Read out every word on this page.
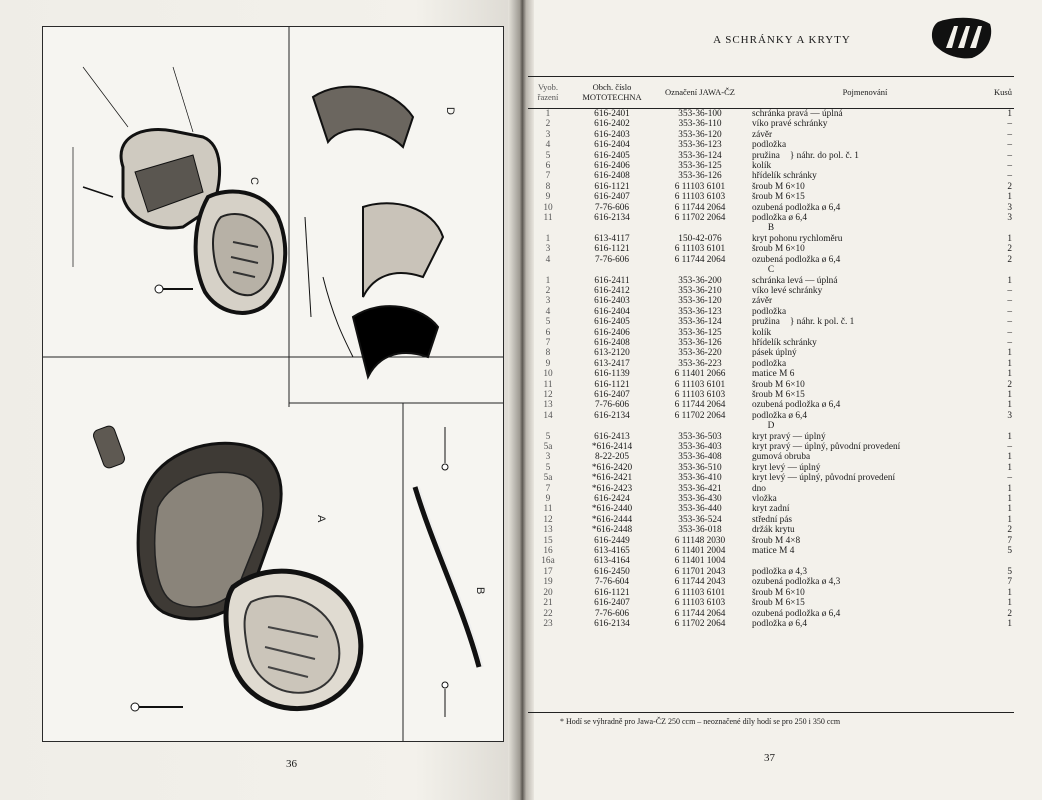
C
D
A
B
36
A SCHRÁNKY A KRYTY
Vyob. řazení	Obch. číslo MOTOTECHNA	Označení JAWA-ČZ	Pojmenování	Kusů
1	616-2401	353-36-100	schránka pravá — úplná	1
2	616-2402	353-36-110	víko pravé schránky	–
3	616-2403	353-36-120	závěr	–
4	616-2404	353-36-123	podložka	–
5	616-2405	353-36-124	pružina } náhr. do pol. č. 1	–
6	616-2406	353-36-125	kolík	–
7	616-2408	353-36-126	hřídelík schránky	–
8	616-1121	6 11103 6101	šroub M 6×10	2
9	616-2407	6 11103 6103	šroub M 6×15	1
10	7-76-606	6 11744 2064	ozubená podložka ø 6,4	3
11	616-2134	6 11702 2064	podložka ø 6,4	3
B				
1	613-4117	150-42-076	kryt pohonu rychloměru	1
3	616-1121	6 11103 6101	šroub M 6×10	2
4	7-76-606	6 11744 2064	ozubená podložka ø 6,4	2
C				
1	616-2411	353-36-200	schránka levá — úplná	1
2	616-2412	353-36-210	víko levé schránky	–
3	616-2403	353-36-120	závěr	–
4	616-2404	353-36-123	podložka	–
5	616-2405	353-36-124	pružina } náhr. k pol. č. 1	–
6	616-2406	353-36-125	kolík	–
7	616-2408	353-36-126	hřídelík schránky	–
8	613-2120	353-36-220	pásek úplný	1
9	613-2417	353-36-223	podložka	1
10	616-1139	6 11401 2066	matice M 6	1
11	616-1121	6 11103 6101	šroub M 6×10	2
12	616-2407	6 11103 6103	šroub M 6×15	1
13	7-76-606	6 11744 2064	ozubená podložka ø 6,4	1
14	616-2134	6 11702 2064	podložka ø 6,4	3
D				
5	616-2413	353-36-503	kryt pravý — úplný	1
5a	*616-2414	353-36-403	kryt pravý — úplný, původní provedení	–
3	8-22-205	353-36-408	gumová obruba	1
5	*616-2420	353-36-510	kryt levý — úplný	1
5a	*616-2421	353-36-410	kryt levý — úplný, původní provedení	–
7	*616-2423	353-36-421	dno	1
9	616-2424	353-36-430	vložka	1
11	*616-2440	353-36-440	kryt zadní	1
12	*616-2444	353-36-524	střední pás	1
13	*616-2448	353-36-018	držák krytu	2
15	616-2449	6 11148 2030	šroub M 4×8	7
16	613-4165	6 11401 2004	matice M 4	5
16a	613-4164	6 11401 1004		
17	616-2450	6 11701 2043	podložka ø 4,3	5
19	7-76-604	6 11744 2043	ozubená podložka ø 4,3	7
20	616-1121	6 11103 6101	šroub M 6×10	1
21	616-2407	6 11103 6103	šroub M 6×15	1
22	7-76-606	6 11744 2064	ozubená podložka ø 6,4	2
23	616-2134	6 11702 2064	podložka ø 6,4	1
* Hodí se výhradně pro Jawa-ČZ 250 ccm – neoznačené díly hodí se pro 250 i 350 ccm
37
